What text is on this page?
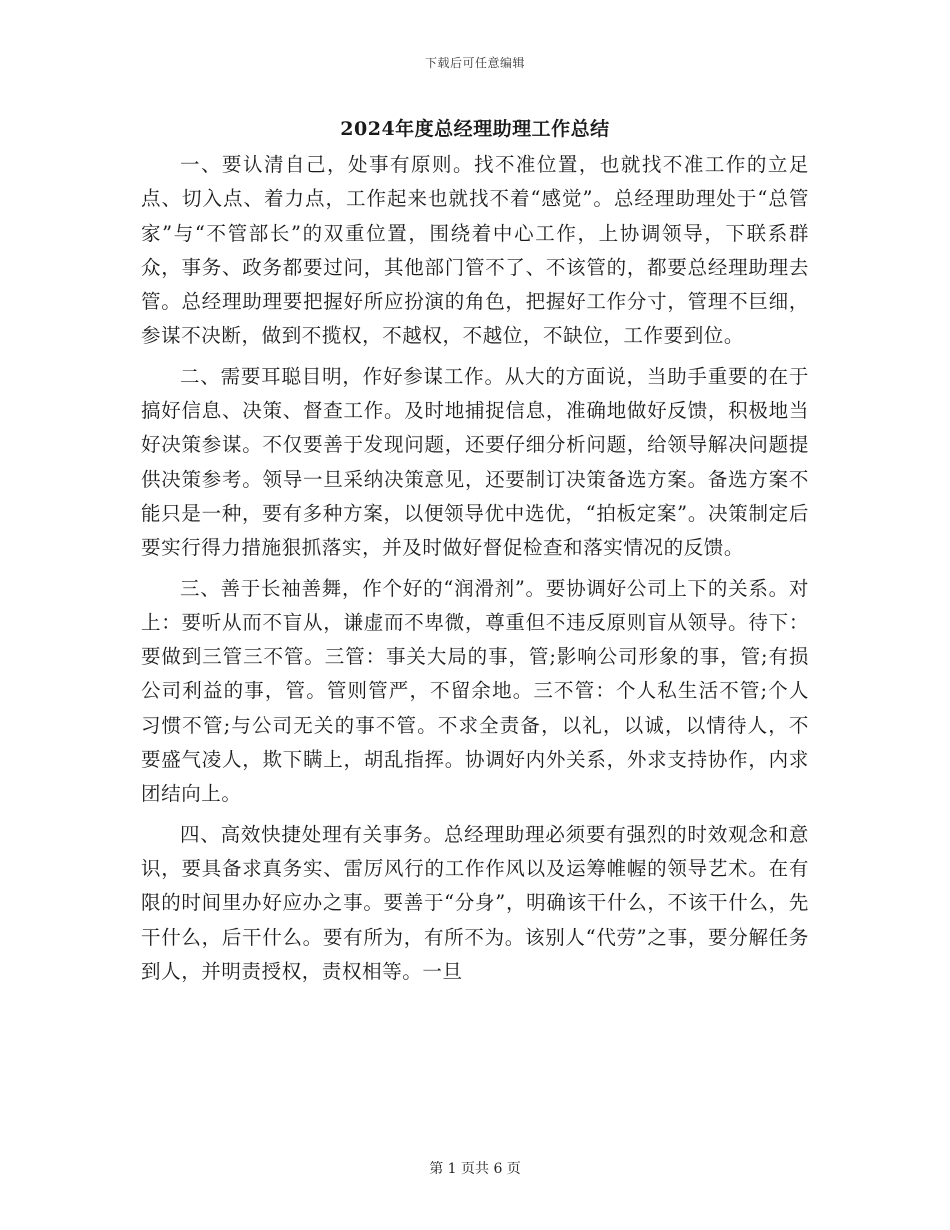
下载后可任意编辑
2024年度总经理助理工作总结

一、要认清自己，处事有原则。找不准位置，也就找不准工作的立足点、切入点、着力点，工作起来也就找不着“感觉”。总经理助理处于“总管家”与“不管部长”的双重位置，围绕着中心工作，上协调领导，下联系群众，事务、政务都要过问，其他部门管不了、不该管的，都要总经理助理去管。总经理助理要把握好所应扮演的角色，把握好工作分寸，管理不巨细，参谋不决断，做到不揽权，不越权，不越位，不缺位，工作要到位。

二、需要耳聪目明，作好参谋工作。从大的方面说，当助手重要的在于搞好信息、决策、督查工作。及时地捕捉信息，准确地做好反馈，积极地当好决策参谋。不仅要善于发现问题，还要仔细分析问题，给领导解决问题提供决策参考。领导一旦采纳决策意见，还要制订决策备选方案。备选方案不能只是一种，要有多种方案，以便领导优中选优，“拍板定案”。决策制定后要实行得力措施狠抓落实，并及时做好督促检查和落实情况的反馈。

三、善于长袖善舞，作个好的“润滑剂”。要协调好公司上下的关系。对上：要听从而不盲从，谦虚而不卑微，尊重但不违反原则盲从领导。待下：要做到三管三不管。三管：事关大局的事，管;影响公司形象的事，管;有损公司利益的事，管。管则管严，不留余地。三不管：个人私生活不管;个人习惯不管;与公司无关的事不管。不求全责备，以礼，以诚，以情待人，不要盛气凌人，欺下瞒上，胡乱指挥。协调好内外关系，外求支持协作，内求团结向上。

四、高效快捷处理有关事务。总经理助理必须要有强烈的时效观念和意识，要具备求真务实、雷厉风行的工作作风以及运筹帷幄的领导艺术。在有限的时间里办好应办之事。要善于“分身”，明确该干什么，不该干什么，先干什么，后干什么。要有所为，有所不为。该别人“代劳”之事，要分解任务到人，并明责授权，责权相等。一旦

第 1 页共 6 页
